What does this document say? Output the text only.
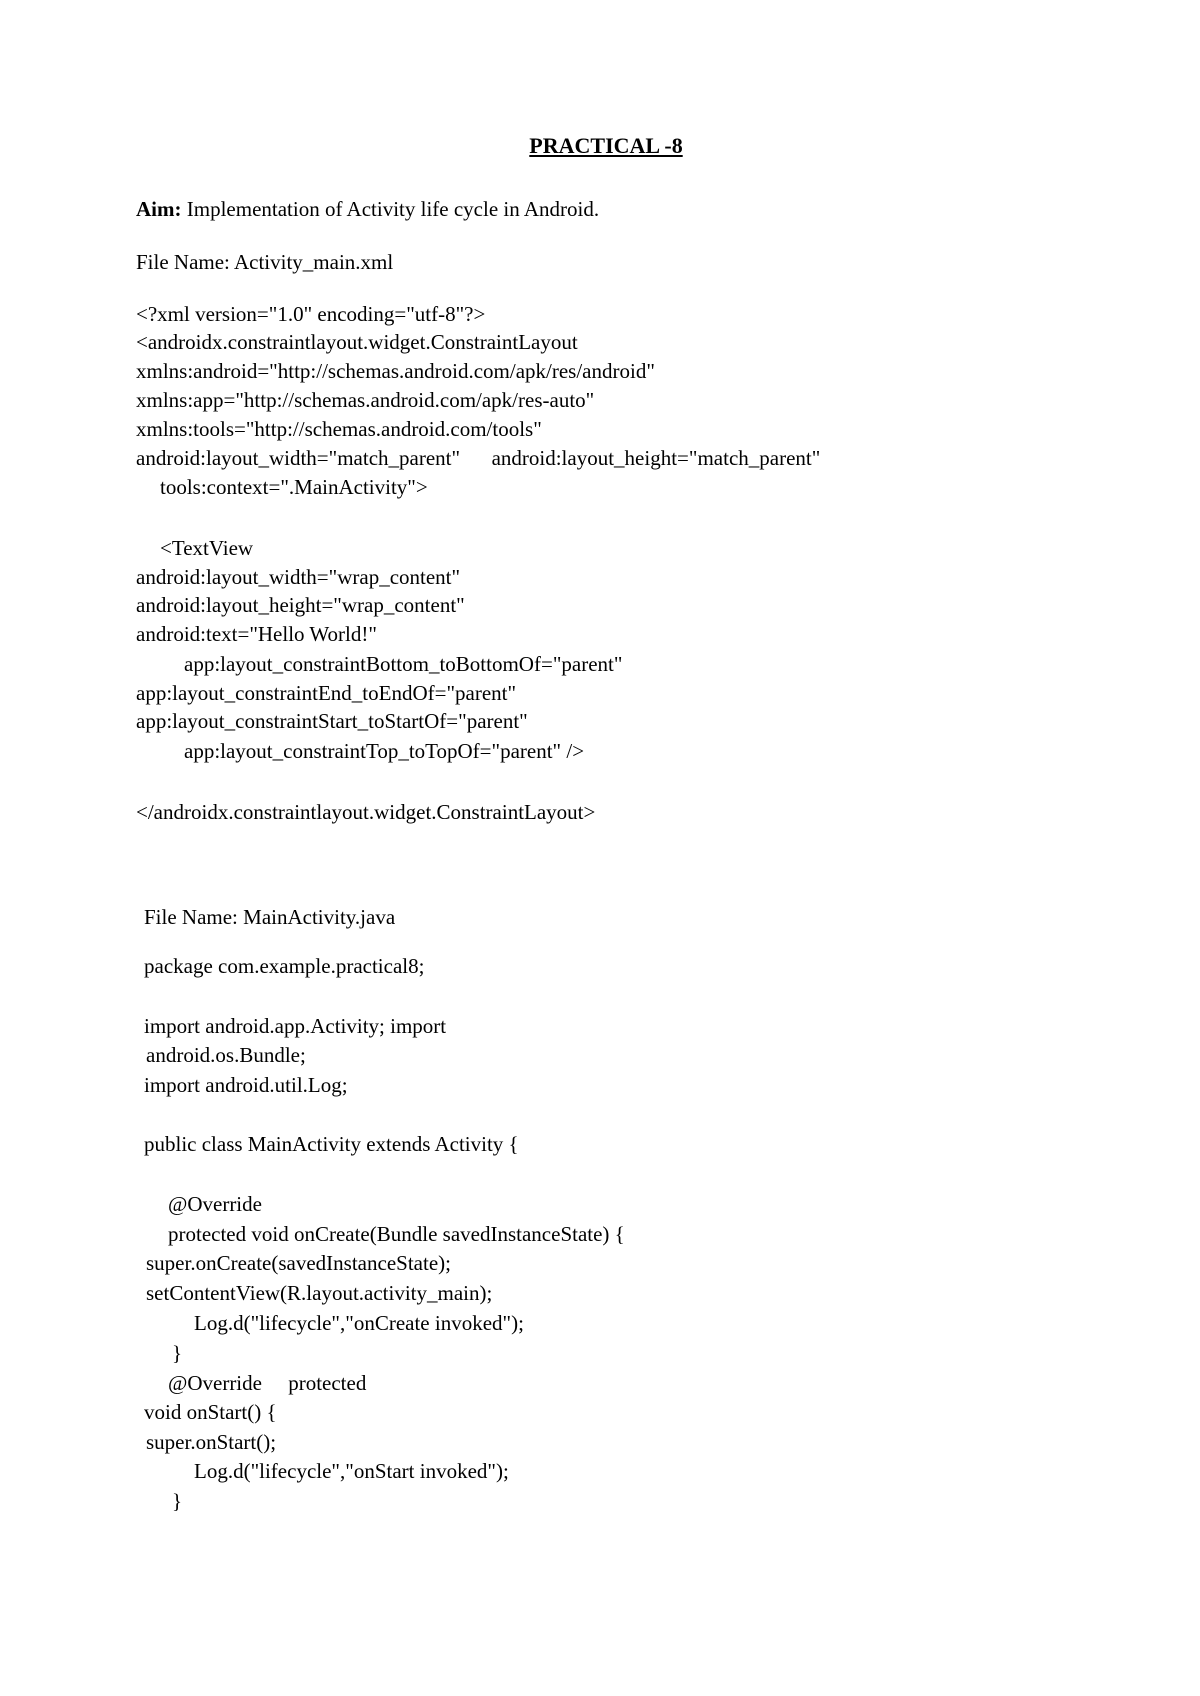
PRACTICAL -8
Aim: Implementation of Activity life cycle in Android.
File Name: Activity_main.xml
<?xml version="1.0" encoding="utf-8"?>
<androidx.constraintlayout.widget.ConstraintLayout
xmlns:android="http://schemas.android.com/apk/res/android"
xmlns:app="http://schemas.android.com/apk/res-auto"
xmlns:tools="http://schemas.android.com/tools"
android:layout_width="match_parent"      android:layout_height="match_parent"
tools:context=".MainActivity">
<TextView
android:layout_width="wrap_content"
android:layout_height="wrap_content"
android:text="Hello World!"
app:layout_constraintBottom_toBottomOf="parent"
app:layout_constraintEnd_toEndOf="parent"
app:layout_constraintStart_toStartOf="parent"
app:layout_constraintTop_toTopOf="parent" />
</androidx.constraintlayout.widget.ConstraintLayout>
File Name: MainActivity.java
package com.example.practical8;
import android.app.Activity; import
android.os.Bundle;
import android.util.Log;
public class MainActivity extends Activity {
@Override
protected void onCreate(Bundle savedInstanceState) {
super.onCreate(savedInstanceState);
setContentView(R.layout.activity_main);
Log.d("lifecycle","onCreate invoked");
}
@Override     protected
void onStart() {
super.onStart();
Log.d("lifecycle","onStart invoked");
}
